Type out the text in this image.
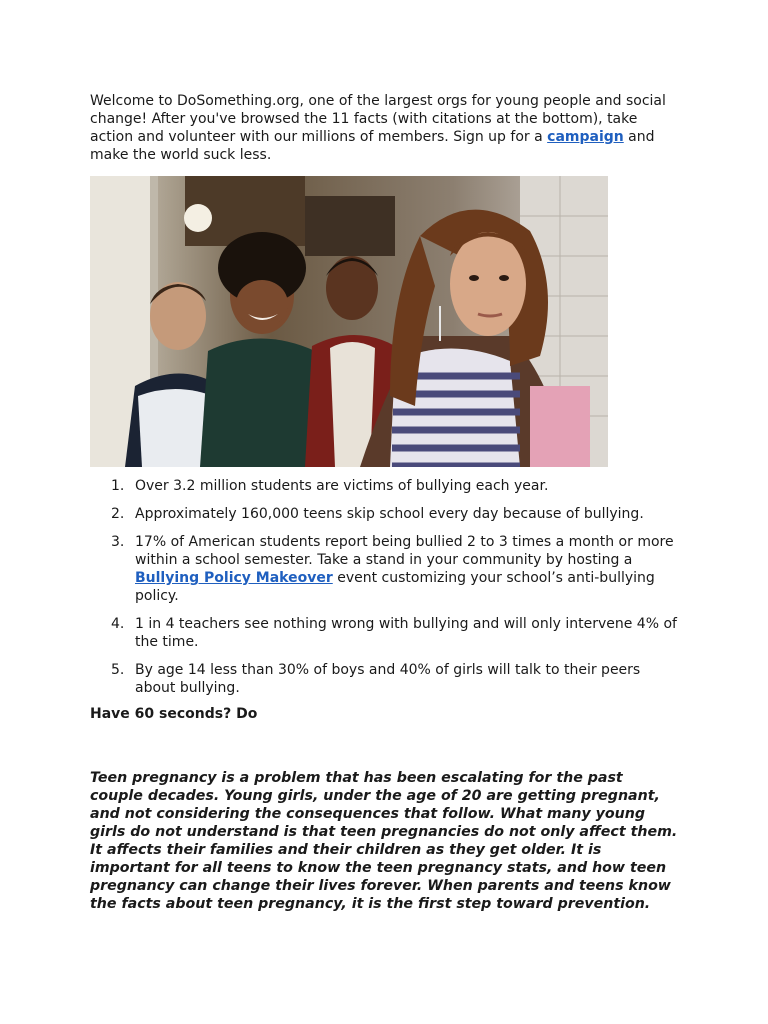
Welcome to DoSomething.org, one of the largest orgs for young people and social change! After you've browsed the 11 facts (with citations at the bottom), take action and volunteer with our millions of members. Sign up for a campaign and make the world suck less.

1. Over 3.2 million students are victims of bullying each year.
2. Approximately 160,000 teens skip school every day because of bullying.
3. 17% of American students report being bullied 2 to 3 times a month or more within a school semester. Take a stand in your community by hosting a Bullying Policy Makeover event customizing your school’s anti-bullying policy.
4. 1 in 4 teachers see nothing wrong with bullying and will only intervene 4% of the time.
5. By age 14 less than 30% of boys and 40% of girls will talk to their peers about bullying.

Have 60 seconds? Do

Teen pregnancy is a problem that has been escalating for the past couple decades. Young girls, under the age of 20 are getting pregnant, and not considering the consequences that follow. What many young girls do not understand is that teen pregnancies do not only affect them. It affects their families and their children as they get older. It is important for all teens to know the teen pregnancy stats, and how teen pregnancy can change their lives forever. When parents and teens know the facts about teen pregnancy, it is the first step toward prevention.
